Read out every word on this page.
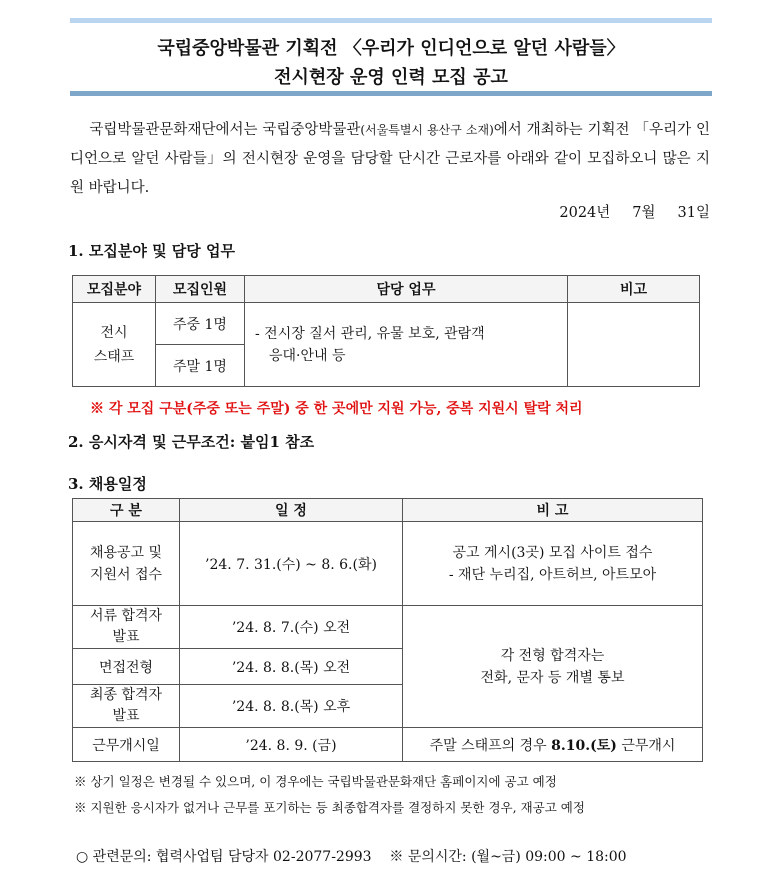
국립중앙박물관 기획전 〈우리가 인디언으로 알던 사람들〉
전시현장 운영 인력 모집 공고
국립박물관문화재단에서는 국립중앙박물관(서울특별시 용산구 소재)에서 개최하는 기획전 「우리가 인디언으로 알던 사람들」의 전시현장 운영을 담당할 단시간 근로자를 아래와 같이 모집하오니 많은 지원 바랍니다.
2024년 7월 31일
1. 모집분야 및 담당 업무
모집분야	모집인원	담당 업무	비고
전시
스태프	주중 1명	- 전시장 질서 관리, 유물 보호, 관람객
응대·안내 등	
	주말 1명		
※ 각 모집 구분(주중 또는 주말) 중 한 곳에만 지원 가능, 중복 지원시 탈락 처리
2. 응시자격 및 근무조건: 붙임1 참조
3. 채용일정
구 분	일 정	비 고
채용공고 및
지원서 접수	’24. 7. 31.(수) ~ 8. 6.(화)	공고 게시(3곳) 모집 사이트 접수
- 재단 누리집, 아트허브, 아트모아
서류 합격자
발표	’24. 8. 7.(수) 오전	각 전형 합격자는
전화, 문자 등 개별 통보
면접전형	’24. 8. 8.(목) 오전	
최종 합격자
발표	’24. 8. 8.(목) 오후	
근무개시일	’24. 8. 9. (금)	주말 스태프의 경우 8.10.(토) 근무개시
※ 상기 일정은 변경될 수 있으며, 이 경우에는 국립박물관문화재단 홈페이지에 공고 예정
※ 지원한 응시자가 없거나 근무를 포기하는 등 최종합격자를 결정하지 못한 경우, 재공고 예정
○ 관련문의: 협력사업팀 담당자 02-2077-2993 ※ 문의시간: (월~금) 09:00 ~ 18:00
